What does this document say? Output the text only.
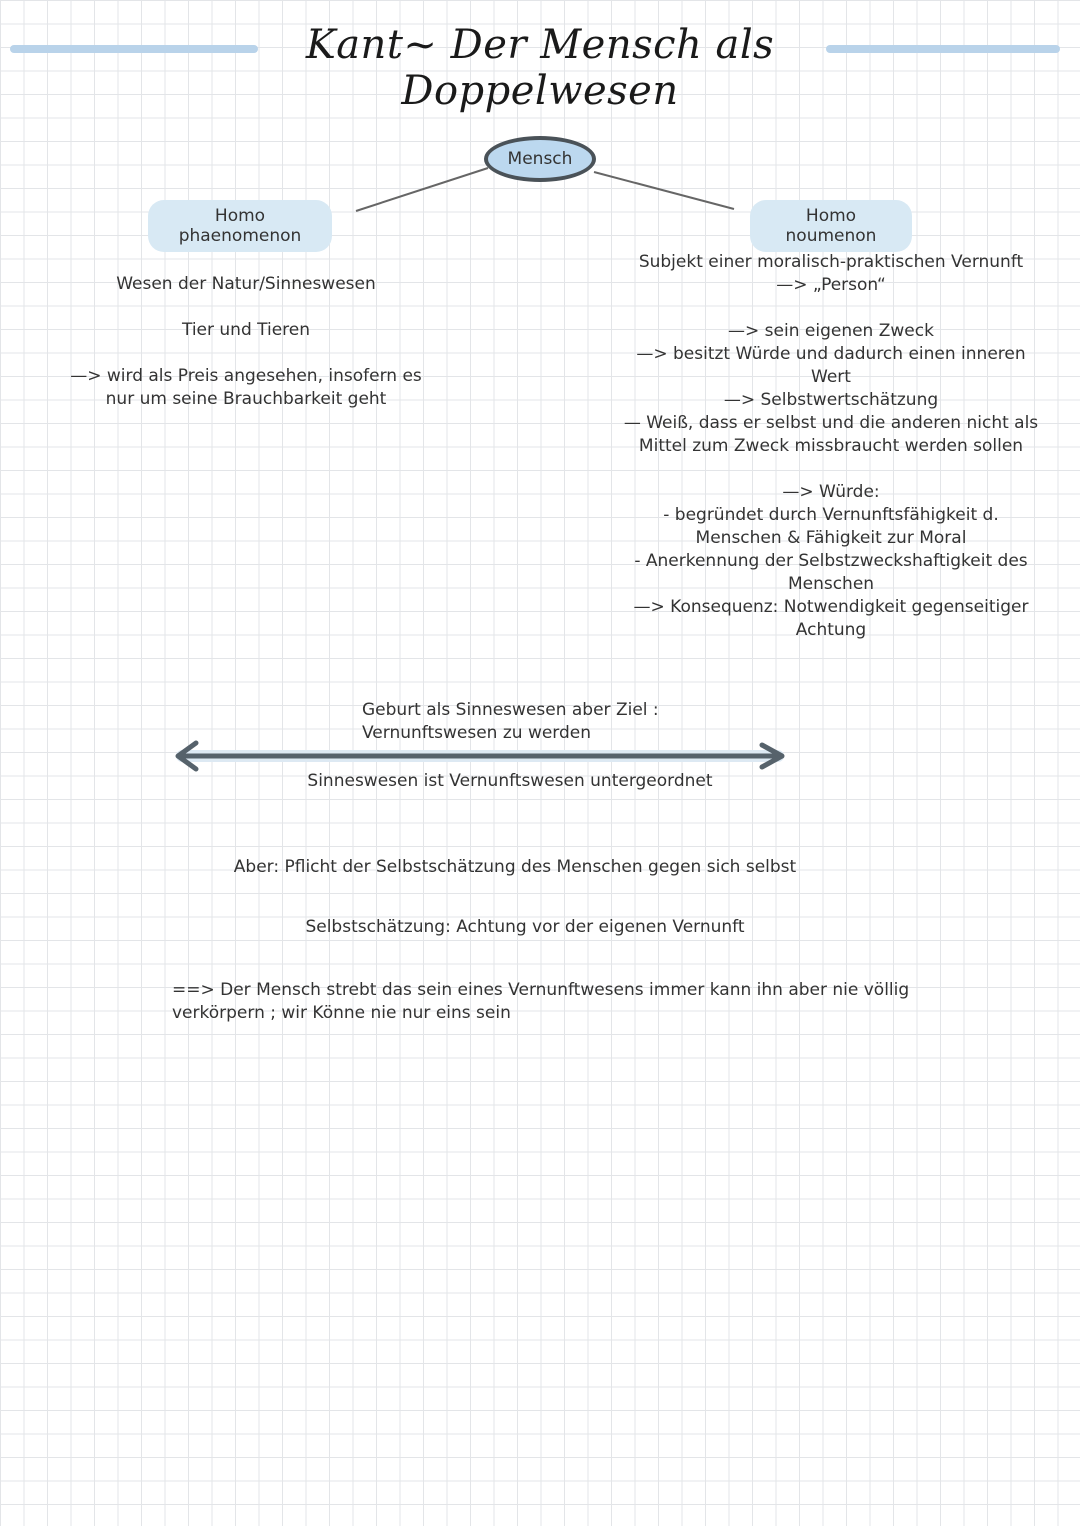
Kant~ Der Mensch als Doppelwesen
Mensch
Homo phaenomenon
Homo noumenon
Wesen der Natur/Sinneswesen

Tier und Tieren

—> wird als Preis angesehen, insofern es
nur um seine Brauchbarkeit geht
Subjekt einer moralisch-praktischen Vernunft
—> „Person“

—> sein eigenen Zweck
—> besitzt Würde und dadurch einen inneren
Wert
—> Selbstwertschätzung
— Weiß, dass er selbst und die anderen nicht als
Mittel zum Zweck missbraucht werden sollen

—> Würde:
- begründet durch Vernunftsfähigkeit d.
Menschen & Fähigkeit zur Moral
- Anerkennung der Selbstzweckshaftigkeit des
Menschen
—> Konsequenz: Notwendigkeit gegenseitiger
Achtung
Geburt als Sinneswesen aber Ziel :
Vernunftswesen zu werden
Sinneswesen ist Vernunftswesen untergeordnet
Aber: Pflicht der Selbstschätzung des Menschen gegen sich selbst
Selbstschätzung: Achtung vor der eigenen Vernunft
==> Der Mensch strebt das sein eines Vernunftwesens immer kann ihn aber nie völlig
verkörpern ; wir Könne nie nur eins sein
